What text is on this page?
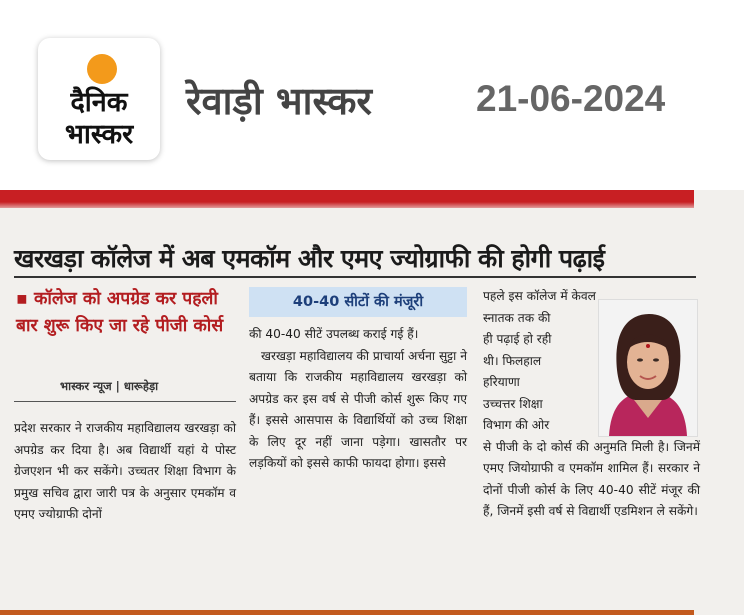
दैनिक
भास्कर
रेवाड़ी भास्कर	21-06-2024
खरखड़ा कॉलेज में अब एमकॉम और एमए ज्योग्राफी की होगी पढ़ाई
▪ कॉलेज को अपग्रेड कर पहली बार शुरू किए जा रहे पीजी कोर्स
भास्कर न्यूज | धारूहेड़ा

प्रदेश सरकार ने राजकीय महाविद्यालय खरखड़ा को अपग्रेड कर दिया है। अब विद्यार्थी यहां ये पोस्ट ग्रेजएशन भी कर सकेंगे। उच्चतर शिक्षा विभाग के प्रमुख सचिव द्वारा जारी पत्र के अनुसार एमकॉम व एमए ज्योग्राफी दोनों

40-40 सीटों की मंजूरी

की 40-40 सीटें उपलब्ध कराई गई हैं।

खरखड़ा महाविद्यालय की प्राचार्या अर्चना सुट्टा ने बताया कि राजकीय महाविद्यालय खरखड़ा को अपग्रेड कर इस वर्ष से पीजी कोर्स शुरू किए गए हैं। इससे आसपास के विद्यार्थियों को उच्च शिक्षा के लिए दूर नहीं जाना पड़ेगा। खासतौर पर लड़कियों को इससे काफी फायदा होगा। इससे

पहले इस कॉलेज में केवल

स्नातक तक की
ही पढ़ाई हो रही
थी। फिलहाल
हरियाणा
उच्चत्तर शिक्षा
विभाग की ओर

से पीजी के दो कोर्स की अनुमति मिली है। जिनमें एमए जियोग्राफी व एमकॉम शामिल हैं। सरकार ने दोनों पीजी कोर्स के लिए 40-40 सीटें मंजूर की हैं, जिनमें इसी वर्ष से विद्यार्थी एडमिशन ले सकेंगे।
